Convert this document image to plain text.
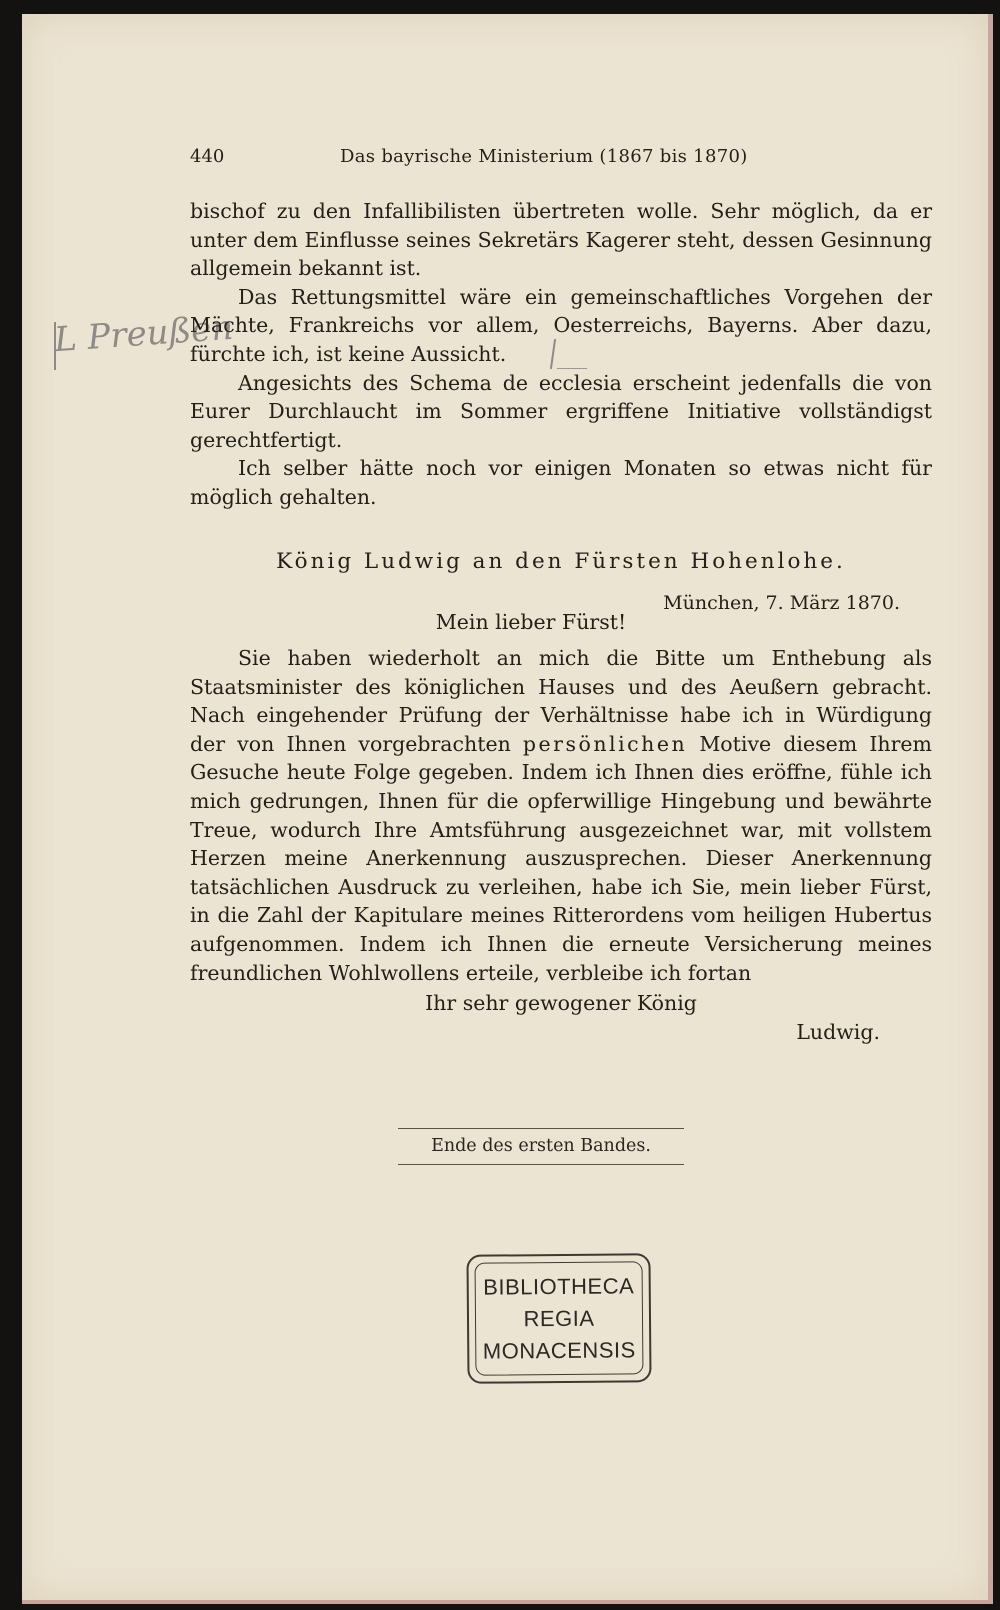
440	Das bayrische Ministerium (1867 bis 1870)
L Preußen

bischof zu den Infallibilisten übertreten wolle. Sehr möglich, da er unter dem Einflusse seines Sekretärs Kagerer steht, dessen Gesinnung allgemein bekannt ist.

Das Rettungsmittel wäre ein gemeinschaftliches Vorgehen der Mächte, Frankreichs vor allem, Oesterreichs, Bayerns. Aber dazu, fürchte ich, ist keine Aussicht.

Angesichts des Schema de ecclesia erscheint jedenfalls die von Eurer Durchlaucht im Sommer ergriffene Initiative vollständigst gerechtfertigt.

Ich selber hätte noch vor einigen Monaten so etwas nicht für möglich gehalten.

König Ludwig an den Fürsten Hohenlohe.
München, 7. März 1870.
Mein lieber Fürst!

Sie haben wiederholt an mich die Bitte um Enthebung als Staatsminister des königlichen Hauses und des Aeußern gebracht. Nach eingehender Prüfung der Verhältnisse habe ich in Würdigung der von Ihnen vorgebrachten persönlichen Motive diesem Ihrem Gesuche heute Folge gegeben. Indem ich Ihnen dies eröffne, fühle ich mich gedrungen, Ihnen für die opferwillige Hingebung und bewährte Treue, wodurch Ihre Amtsführung ausgezeichnet war, mit vollstem Herzen meine Anerkennung auszusprechen. Dieser Anerkennung tatsächlichen Ausdruck zu verleihen, habe ich Sie, mein lieber Fürst, in die Zahl der Kapitulare meines Ritterordens vom heiligen Hubertus aufgenommen. Indem ich Ihnen die erneute Versicherung meines freundlichen Wohlwollens erteile, verbleibe ich fortan

Ihr sehr gewogener König
Ludwig.
Ende des ersten Bandes.
BIBLIOTHECA
REGIA
MONACENSIS
